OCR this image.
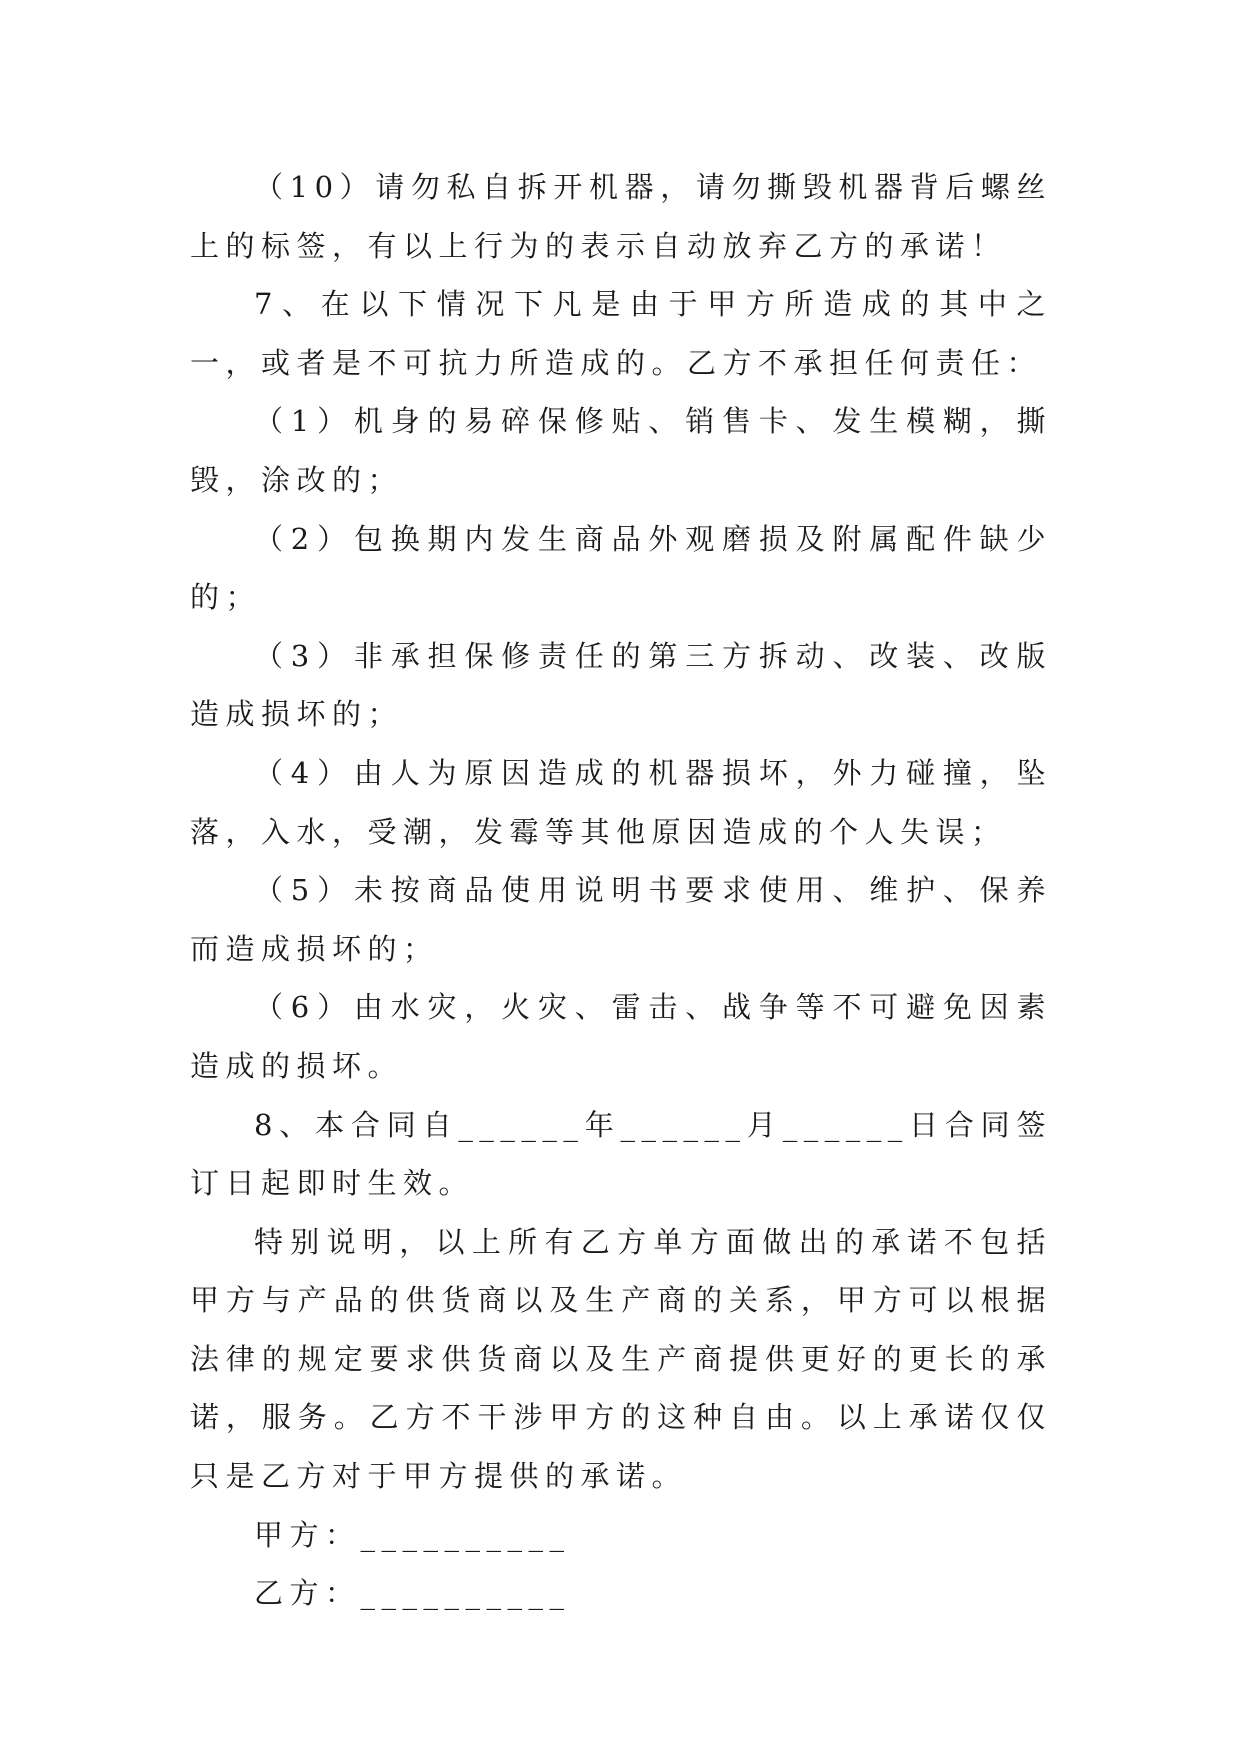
（10）请勿私自拆开机器，请勿撕毁机器背后螺丝上的标签，有以上行为的表示自动放弃乙方的承诺！

7、在以下情况下凡是由于甲方所造成的其中之一，或者是不可抗力所造成的。乙方不承担任何责任：

（1）机身的易碎保修贴、销售卡、发生模糊，撕毁，涂改的；

（2）包换期内发生商品外观磨损及附属配件缺少的；

（3）非承担保修责任的第三方拆动、改装、改版造成损坏的；

（4）由人为原因造成的机器损坏，外力碰撞，坠落，入水，受潮，发霉等其他原因造成的个人失误；

（5）未按商品使用说明书要求使用、维护、保养而造成损坏的；

（6）由水灾，火灾、雷击、战争等不可避免因素造成的损坏。

8、本合同自______年______月______日合同签订日起即时生效。

特别说明，以上所有乙方单方面做出的承诺不包括甲方与产品的供货商以及生产商的关系，甲方可以根据法律的规定要求供货商以及生产商提供更好的更长的承诺，服务。乙方不干涉甲方的这种自由。以上承诺仅仅只是乙方对于甲方提供的承诺。

甲方：__________

乙方：__________
